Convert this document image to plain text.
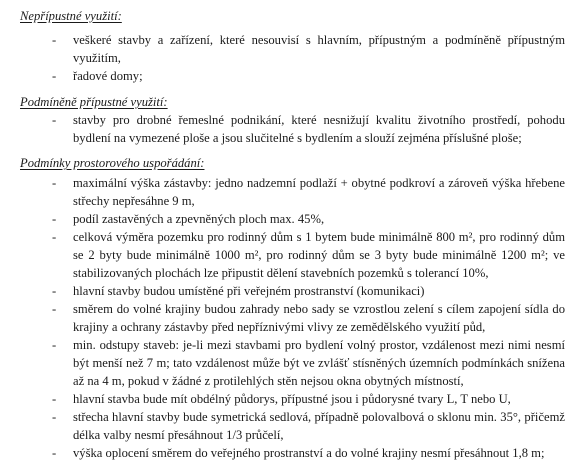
Nepřípustné využití:
- veškeré stavby a zařízení, které nesouvisí s hlavním, přípustným a podmíněně přípustným využitím,
- řadové domy;
Podmíněně přípustné využití:
- stavby pro drobné řemeslné podnikání, které nesnižují kvalitu životního prostředí, pohodu bydlení na vymezené ploše a jsou slučitelné s bydlením a slouží zejména příslušné ploše;
Podmínky prostorového uspořádání:
- maximální výška zástavby: jedno nadzemní podlaží + obytné podkroví a zároveň výška hřebene střechy nepřesáhne 9 m,
- podíl zastavěných a zpevněných ploch max. 45%,
- celková výměra pozemku pro rodinný dům s 1 bytem bude minimálně 800 m², pro rodinný dům se 2 byty bude minimálně 1000 m², pro rodinný dům se 3 byty bude minimálně 1200 m²; ve stabilizovaných plochách lze připustit dělení stavebních pozemků s tolerancí 10%,
- hlavní stavby budou umístěné při veřejném prostranství (komunikaci)
- směrem do volné krajiny budou zahrady nebo sady se vzrostlou zelení s cílem zapojení sídla do krajiny a ochrany zástavby před nepříznivými vlivy ze zemědělského využití půd,
- min. odstupy staveb: je-li mezi stavbami pro bydlení volný prostor, vzdálenost mezi nimi nesmí být menší než 7 m; tato vzdálenost může být ve zvlášť stísněných územních podmínkách snížena až na 4 m, pokud v žádné z protilehlých stěn nejsou okna obytných místností,
- hlavní stavba bude mít obdélný půdorys, přípustné jsou i půdorysné tvary L, T nebo U,
- střecha hlavní stavby bude symetrická sedlová, případně polovalbová o sklonu min. 35°, přičemž délka valby nesmí přesáhnout 1/3 průčelí,
- výška oplocení směrem do veřejného prostranství a do volné krajiny nesmí přesáhnout 1,8 m;
